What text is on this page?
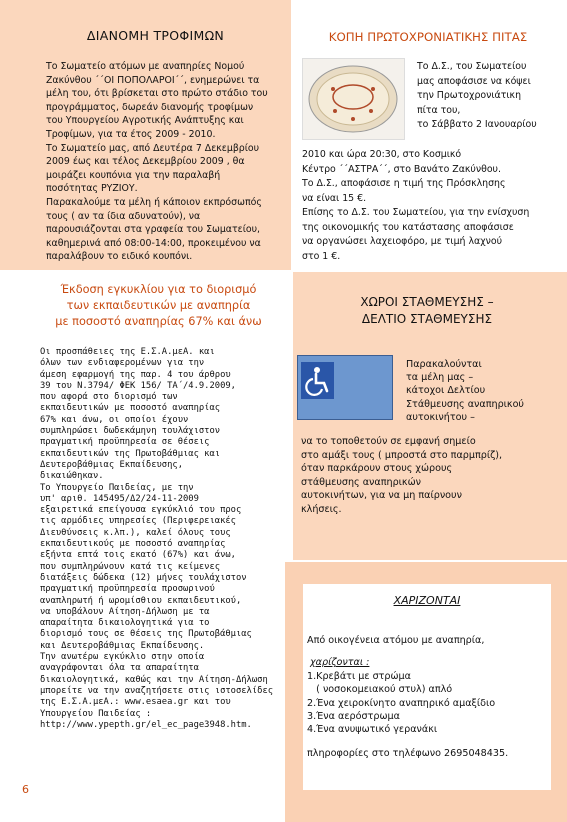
ΔΙΑΝΟΜΗ ΤΡΟΦΙΜΩΝ
Το Σωματείο ατόμων με αναπηρίες Νομού
Ζακύνθου ΄΄ΟΙ ΠΟΠΟΛΑΡΟΙ΄΄, ενημερώνει τα
μέλη του, ότι βρίσκεται στο πρώτο στάδιο του
προγράμματος, δωρεάν διανομής τροφίμων
του Υπουργείου Αγροτικής Ανάπτυξης και
Τροφίμων, για τα έτος 2009 - 2010.
Το Σωματείο μας, από Δευτέρα 7 Δεκεμβρίου
2009 έως και τέλος Δεκεμβρίου 2009 , θα
μοιράζει κουπόνια για την παραλαβή
ποσότητας ΡΥΖΙΟΥ.
Παρακαλούμε τα μέλη ή κάποιον εκπρόσωπός
τους ( αν τα ίδια αδυνατούν), να
παρουσιάζονται στα γραφεία του Σωματείου,
καθημερινά από 08:00-14:00, προκειμένου να
παραλάβουν το ειδικό κουπόνι.
ΚΟΠΗ ΠΡΩΤΟΧΡΟΝΙΑΤΙΚΗΣ ΠΙΤΑΣ
Το Δ.Σ., του Σωματείου
μας αποφάσισε να κόψει
την Πρωτοχρονιάτικη
πίτα του,
το Σάββατο 2 Ιανουαρίου
2010 και ώρα 20:30, στο Κοσμικό
Κέντρο ΄΄ΑΣΤΡΑ΄΄, στο Βανάτο Ζακύνθου.
Το Δ.Σ., αποφάσισε η τιμή της Πρόσκλησης
να είναι 15 €.
Επίσης το Δ.Σ. του Σωματείου, για την ενίσχυση
της οικονομικής του κατάστασης αποφάσισε
να οργανώσει λαχειοφόρο, με τιμή λαχνού
στο 1 €.
Έκδοση εγκυκλίου για το διορισμό
των εκπαιδευτικών με αναπηρία
με ποσοστό αναπηρίας 67% και άνω
Οι προσπάθειες της Ε.Σ.Α.μεΑ. και
όλων των ενδιαφερομένων για την
άμεση εφαρμογή της παρ. 4 του άρθρου
39 του Ν.3794/ ΦΕΚ 156/ ΤΑ΄/4.9.2009,
που αφορά στο διορισμό των
εκπαιδευτικών με ποσοστό αναπηρίας
67% και άνω, οι οποίοι έχουν
συμπληρώσει δωδεκάμηνη τουλάχιστον
πραγματική προϋπηρεσία σε θέσεις
εκπαιδευτικών της Πρωτοβάθμιας και
Δευτεροβάθμιας Εκπαίδευσης,
δικαιώθηκαν.
Το Υπουργείο Παιδείας, με την
υπ' αριθ. 145495/Δ2/24-11-2009
εξαιρετικά επείγουσα εγκύκλιό του προς
τις αρμόδιες υπηρεσίες (Περιφερειακές
Διευθύνσεις κ.λπ.), καλεί όλους τους
εκπαιδευτικούς με ποσοστό αναπηρίας
εξήντα επτά τοις εκατό (67%) και άνω,
που συμπληρώνουν κατά τις κείμενες
διατάξεις δώδεκα (12) μήνες τουλάχιστον
πραγματική προϋπηρεσία προσωρινού
αναπληρωτή ή ωρομίσθιου εκπαιδευτικού,
να υποβάλουν Αίτηση-Δήλωση με τα
απαραίτητα δικαιολογητικά για το
διορισμό τους σε θέσεις της Πρωτοβάθμιας
και Δευτεροβάθμιας Εκπαίδευσης.
Την ανωτέρω εγκύκλιο στην οποία
αναγράφονται όλα τα απαραίτητα
δικαιολογητικά, καθώς και την Αίτηση-Δήλωση
μπορείτε να την αναζητήσετε στις ιστοσελίδες
της Ε.Σ.Α.μεΑ.: www.esaea.gr και του
Υπουργείου Παιδείας :
http://www.ypepth.gr/el_ec_page3948.htm.
6
ΧΩΡΟΙ ΣΤΑΘΜΕΥΣΗΣ –
ΔΕΛΤΙΟ ΣΤΑΘΜΕΥΣΗΣ
Παρακαλούνται
τα μέλη μας –
κάτοχοι Δελτίου
Στάθμευσης αναπηρικού
αυτοκινήτου –
να το τοποθετούν σε εμφανή σημείο
στο αμάξι τους ( μπροστά στο παρμπρίζ),
όταν παρκάρουν στους χώρους
στάθμευσης αναπηρικών
αυτοκινήτων, για να μη παίρνουν
κλήσεις.
ΧΑΡΙΖΟΝΤΑΙ
Από οικογένεια ατόμου με αναπηρία,
χαρίζονται :
1.Κρεβάτι με στρώμα
( νοσοκομειακού στυλ) απλό
2.Ένα χειροκίνητο αναπηρικό αμαξίδιο
3.Ένα αερόστρωμα
4.Ένα ανυψωτικό γερανάκι
πληροφορίες στο τηλέφωνο 2695048435.
